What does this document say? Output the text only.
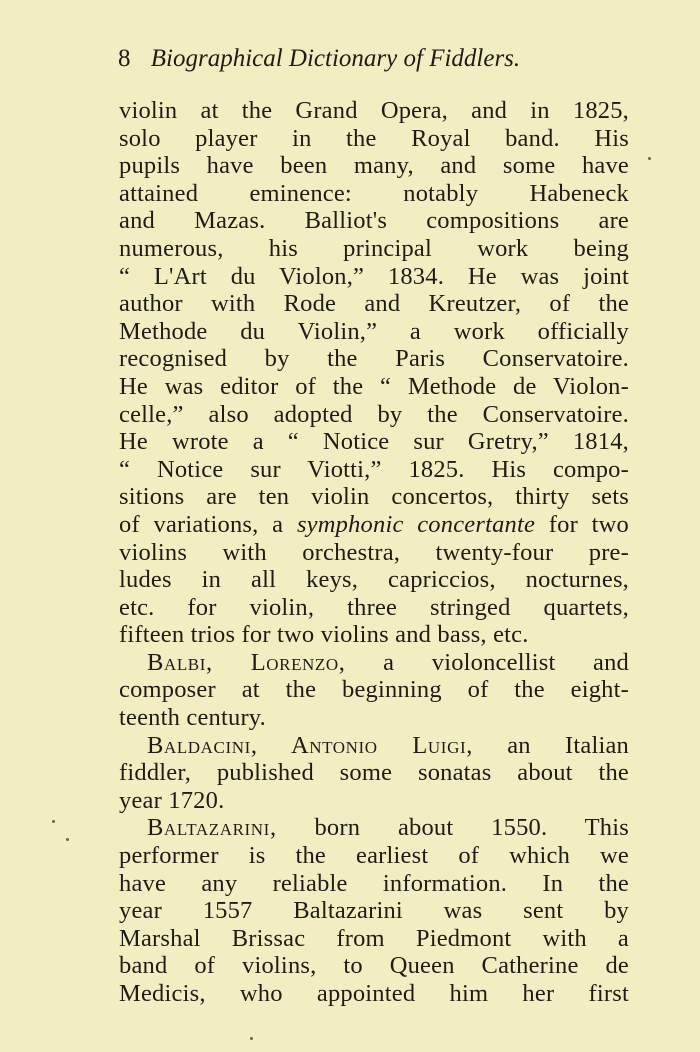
8 Biographical Dictionary of Fiddlers.
violin at the Grand Opera, and in 1825,
solo player in the Royal band. His
pupils have been many, and some have
attained eminence: notably Habeneck
and Mazas. Balliot's compositions are
numerous, his principal work being
“ L'Art du Violon,” 1834. He was joint
author with Rode and Kreutzer, of the
Methode du Violin,” a work officially
recognised by the Paris Conservatoire.
He was editor of the “ Methode de Violon-
celle,” also adopted by the Conservatoire.
He wrote a “ Notice sur Gretry,” 1814,
“ Notice sur Viotti,” 1825. His compo-
sitions are ten violin concertos, thirty sets
of variations, a symphonic concertante for two
violins with orchestra, twenty-four pre-
ludes in all keys, capriccios, nocturnes,
etc. for violin, three stringed quartets,
fifteen trios for two violins and bass, etc.
Balbi, Lorenzo, a violoncellist and
composer at the beginning of the eight-
teenth century.
Baldacini, Antonio Luigi, an Italian
fiddler, published some sonatas about the
year 1720.
Baltazarini, born about 1550. This
performer is the earliest of which we
have any reliable information. In the
year 1557 Baltazarini was sent by
Marshal Brissac from Piedmont with a
band of violins, to Queen Catherine de
Medicis, who appointed him her first
